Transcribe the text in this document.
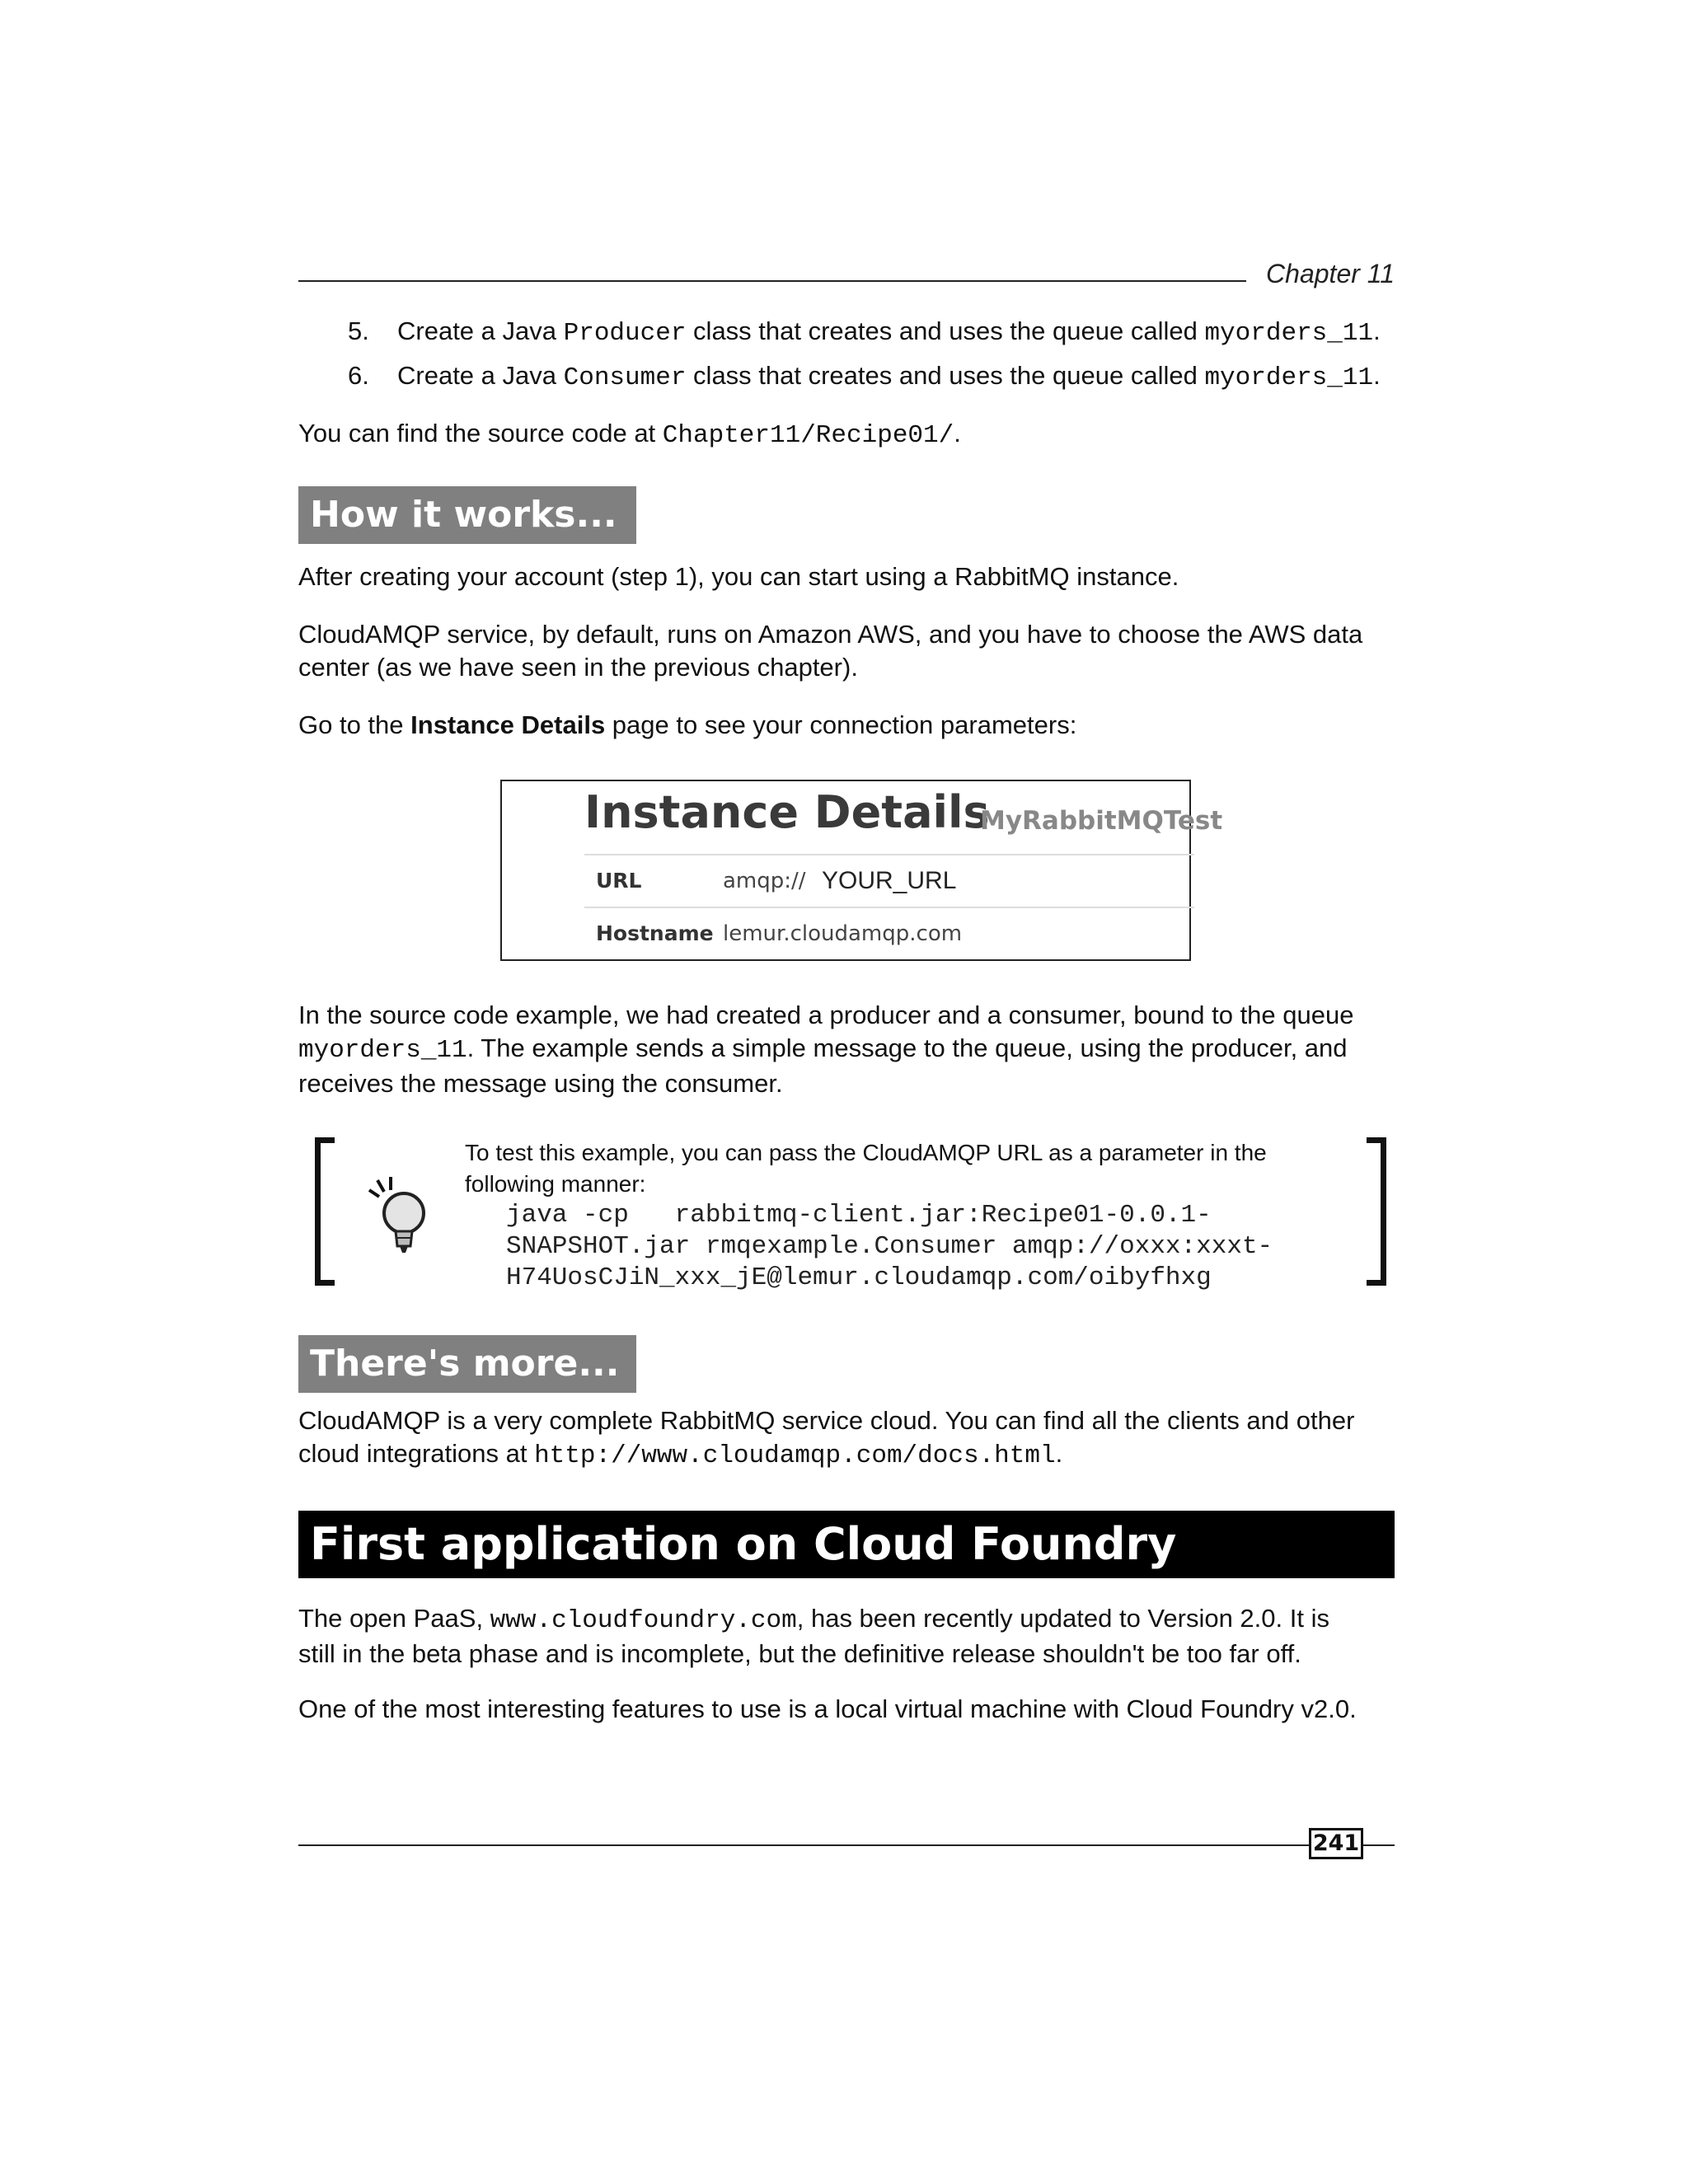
Chapter 11
5. Create a Java Producer class that creates and uses the queue called myorders_11.
6. Create a Java Consumer class that creates and uses the queue called myorders_11.
You can find the source code at Chapter11/Recipe01/.
How it works...
After creating your account (step 1), you can start using a RabbitMQ instance.
CloudAMQP service, by default, runs on Amazon AWS, and you have to choose the AWS data
center (as we have seen in the previous chapter).
Go to the Instance Details page to see your connection parameters:
Instance Details
MyRabbitMQTest
URL	amqp:// YOUR_URL
Hostname lemur.cloudamqp.com
In the source code example, we had created a producer and a consumer, bound to the queue
myorders_11. The example sends a simple message to the queue, using the producer, and
receives the message using the consumer.
To test this example, you can pass the CloudAMQP URL as a parameter in the
following manner:
java -cp   rabbitmq-client.jar:Recipe01-0.0.1-
SNAPSHOT.jar rmqexample.Consumer amqp://oxxx:xxxt-
H74UosCJiN_xxx_jE@lemur.cloudamqp.com/oibyfhxg
There's more...
CloudAMQP is a very complete RabbitMQ service cloud. You can find all the clients and other
cloud integrations at http://www.cloudamqp.com/docs.html.
First application on Cloud Foundry
The open PaaS, www.cloudfoundry.com, has been recently updated to Version 2.0. It is
still in the beta phase and is incomplete, but the definitive release shouldn't be too far off.
One of the most interesting features to use is a local virtual machine with Cloud Foundry v2.0.
241
